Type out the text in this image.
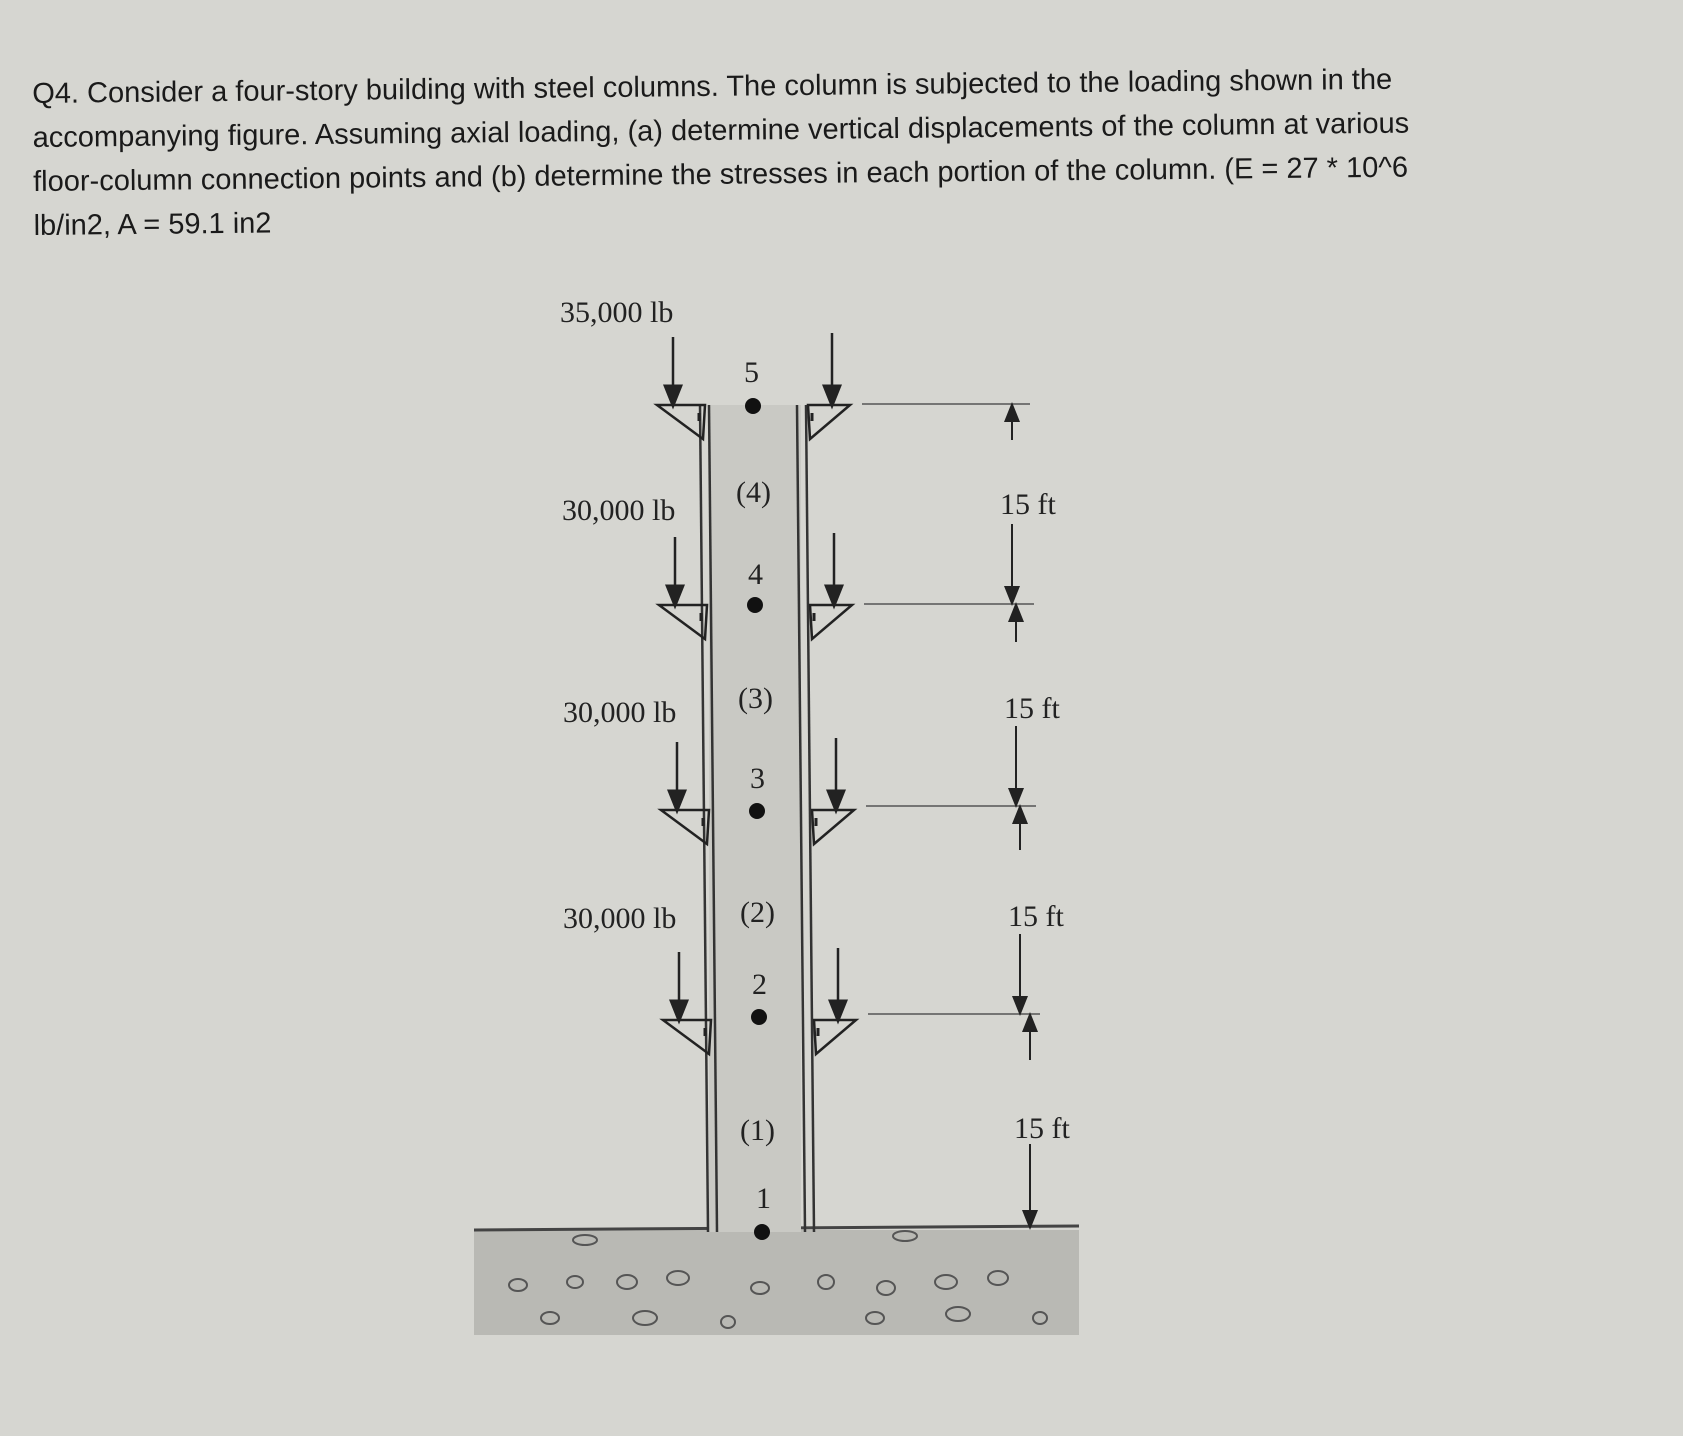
Q4. Consider a four-story building with steel columns. The column is subjected to the loading shown in the accompanying figure. Assuming axial loading, (a) determine vertical displacements of the column at various floor-column connection points and (b) determine the stresses in each portion of the column. (E = 27 * 10^6 lb/in2, A = 59.1 in2

35,000 lb
30,000 lb
30,000 lb
30,000 lb
5
4
3
2
1
(4)
(3)
(2)
(1)
15 ft
15 ft
15 ft
15 ft
